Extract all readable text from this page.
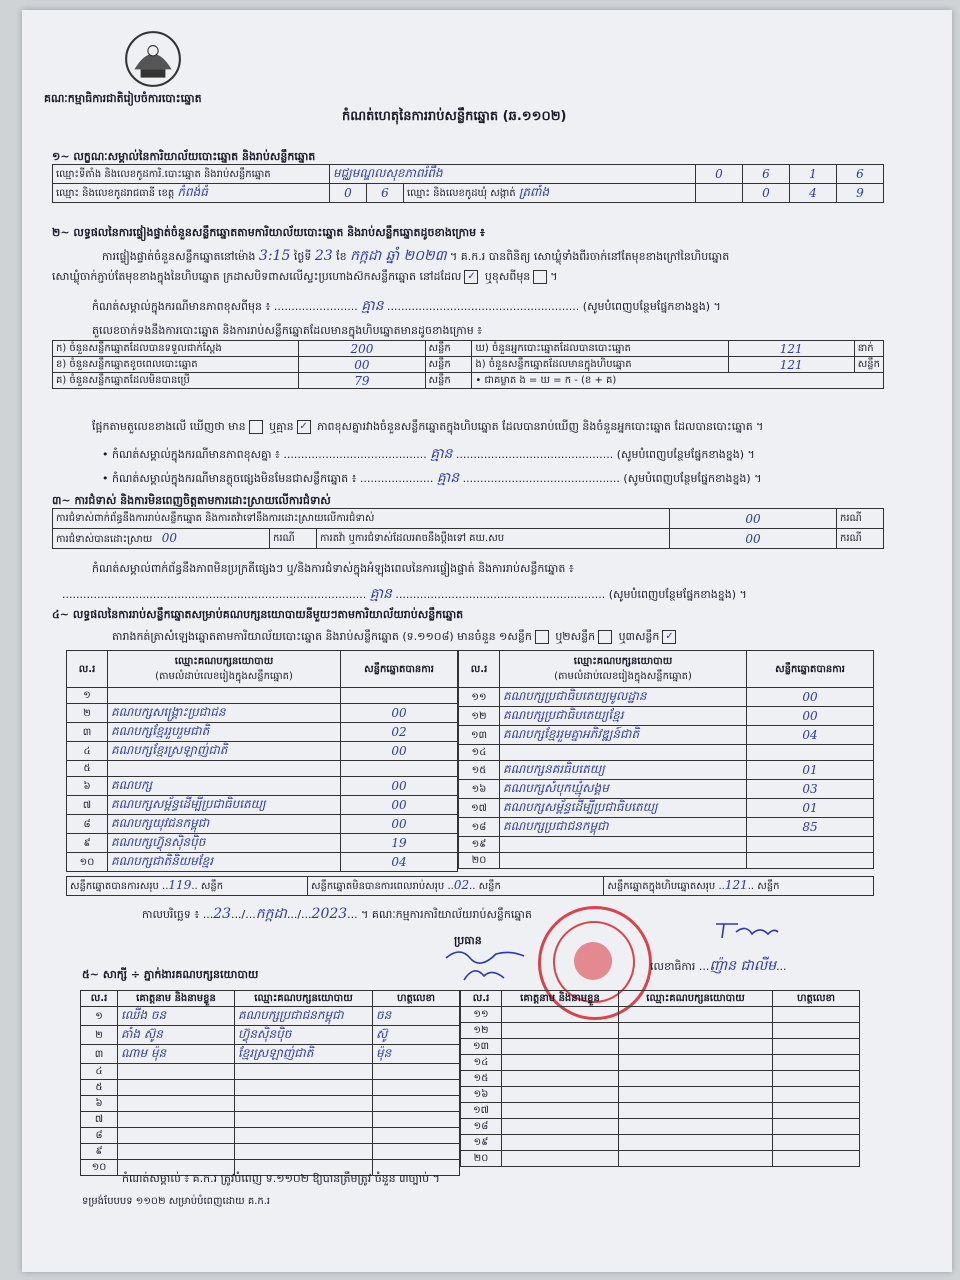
គណៈកម្មាធិការជាតិរៀបចំការបោះឆ្នោត
កំណត់ហេតុនៃការរាប់សន្លឹកឆ្នោត (ឆ.១១០២)
១~ លក្ខណៈសម្គាល់នៃការិយាល័យបោះឆ្នោត និងរាប់សន្លឹកឆ្នោត
ឈ្មោះទីតាំង និងលេខកូដការិ.បោះឆ្នោត និងរាប់សន្លឹកឆ្នោត	មជ្ឈមណ្ឌលសុខភាពរំពឹង			0	6	1	6
ឈ្មោះ និងលេខកូដរាជធានី ខេត្ត កំពង់ធំ	0	6	ឈ្មោះ និងលេខកូដឃុំ សង្កាត់ ត្រពាំង		0	4	9
២~ លទ្ធផលនៃការផ្ទៀងផ្ទាត់ចំនួនសន្លឹកឆ្នោតតាមការិយាល័យបោះឆ្នោត និងរាប់សន្លឹកឆ្នោតដូចខាងក្រោម ៖
ការផ្ទៀងផ្ទាត់ចំនួនសន្លឹកឆ្នោតនៅម៉ោង 3:15 ថ្ងៃទី 23 ខែ កក្កដា ឆ្នាំ ២០២៣ ។ គ.ក.រ បានពិនិត្យ សោឃ្លុំទាំងពីរចាក់នៅតែមុខខាងក្រៅនៃហិបឆ្នោត
សោឃ្លុំចាក់ភ្ជាប់តែមុខខាងក្នុងនៃហិបឆ្នោត ក្រដាសបិទពាសលើស្ទះប្រហោងស៊កសន្លឹកឆ្នោត នៅដដែល ✓ ឬខុសពីមុន ។
កំណត់សម្គាល់ក្នុងករណីមានភាពខុសពីមុន ៖ ........................ គ្មាន ....................................................... (សូមបំពេញបន្ថែមផ្នែកខាងខ្នង) ។
តួលេខចាក់ទងនឹងការបោះឆ្នោត និងការរាប់សន្លឹកឆ្នោតដែលមានក្នុងហិបឆ្នោតមានដូចខាងក្រោម ៖
ក) ចំនួនសន្លឹកឆ្នោតដែលបានទទួលជាក់ស្តែង	200	សន្លឹក	ឃ) ចំនួនអ្នកបោះឆ្នោតដែលបានបោះឆ្នោត	121	នាក់
ខ) ចំនួនសន្លឹកឆ្នោតខូចពេលបោះឆ្នោត	00	សន្លឹក	ង) ចំនួនសន្លឹកឆ្នោតដែលមានក្នុងហិបឆ្នោត	121	សន្លឹក
គ) ចំនួនសន្លឹកឆ្នោតដែលមិនបានប្រើ	79	សន្លឹក	• ជាគម្លាត ង = ឃ = ក - (ខ + គ)		
ផ្អែកតាមតួលេខខាងលើ ឃើញថា មាន ឬគ្មាន ✓ ភាពខុសគ្នារវាងចំនួនសន្លឹកឆ្នោតក្នុងហិបឆ្នោត ដែលបានរាប់ឃើញ និងចំនួនអ្នកបោះឆ្នោត ដែលបានបោះឆ្នោត ។
• កំណត់សម្គាល់ក្នុងករណីមានភាពខុសគ្នា ៖ ......................................... គ្មាន ............................................. (សូមបំពេញបន្ថែមផ្នែកខាងខ្នង) ។
• កំណត់សម្គាល់ក្នុងករណីមានភ្លុចផ្សេងមិនមែនជាសន្លឹកឆ្នោត ៖ ..................... គ្មាន ............................................. (សូមបំពេញបន្ថែមផ្នែកខាងខ្នង) ។
៣~ ការជំទាស់ និងការមិនពេញចិត្តតាមការដោះស្រាយលើការជំទាស់
ការជំទាស់ពាក់ព័ន្ធនឹងការរាប់សន្លឹកឆ្នោត និងការតវ៉ាទៅនឹងការដោះស្រាយលើការជំទាស់			00	ករណី
ការជំទាស់បានដោះស្រាយ 00	ករណី	ការតវ៉ា ឬការជំទាស់ដែលអាចនឹងប្តឹងទៅ គឃ.សប	00	ករណី
កំណត់សម្គាល់ពាក់ព័ន្ធនឹងភាពមិនប្រក្រតីផ្សេងៗ ឬ/និងការជំទាស់ក្នុងអំឡុងពេលនៃការផ្ទៀងផ្ទាត់ និងការរាប់សន្លឹកឆ្នោត ៖
....................................................................................... គ្មាន ............................................................ (សូមបំពេញបន្ថែមផ្នែកខាងខ្នង) ។
៤~ លទ្ធផលនៃការរាប់សន្លឹកឆ្នោតសម្រាប់គណបក្សនយោបាយនីមួយៗតាមការិយាល័យរាប់សន្លឹកឆ្នោត
តារាងកត់ត្រាសំឡេងឆ្នោតតាមការិយាល័យបោះឆ្នោត និងរាប់សន្លឹកឆ្នោត (ទ.១១០៨) មានចំនួន ១សន្លឹក ឬ២សន្លឹក ឬ៣សន្លឹក ✓
ល.រ	ឈ្មោះគណបក្សនយោបាយ
(តាមលំដាប់លេខរៀងក្នុងសន្លឹកឆ្នោត)	សន្លឹកឆ្នោតបានការ
១		
២	គណបក្សសង្គ្រោះប្រជាជន	00
៣	គណបក្សខ្មែររួបរួមជាតិ	02
៤	គណបក្សខ្មែរស្រឡាញ់ជាតិ	00
៥		
៦	គណបក្ស	00
៧	គណបក្សសម្ព័ន្ធដើម្បីប្រជាធិបតេយ្យ	00
៨	គណបក្សយុវជនកម្ពុជា	00
៩	គណបក្សហ៊្វុនស៊ិនប៉ិច	19
១០	គណបក្សជាតិនិយមខ្មែរ	04
ល.រ	ឈ្មោះគណបក្សនយោបាយ
(តាមលំដាប់លេខរៀងក្នុងសន្លឹកឆ្នោត)	សន្លឹកឆ្នោតបានការ
១១	គណបក្សប្រជាធិបតេយ្យមូលដ្ឋាន	00
១២	គណបក្សប្រជាធិបតេយ្យខ្មែរ	00
១៣	គណបក្សខ្មែររួមគ្នាអភិវឌ្ឍន៍ជាតិ	04
១៤		
១៥	គណបក្សនគរធិបតេយ្យ	01
១៦	គណបក្សសំបុកឃ្មុំសង្គម	03
១៧	គណបក្សសម្ព័ន្ធដើម្បីប្រជាធិបតេយ្យ	01
១៨	គណបក្សប្រជាជនកម្ពុជា	85
១៩		
២០		
សន្លឹកឆ្នោតបានការសរុប ..119.. សន្លឹក	សន្លឹកឆ្នោតមិនបានការពេលរាប់សរុប ..02.. សន្លឹក	សន្លឹកឆ្នោតក្នុងហិបឆ្នោតសរុប ..121.. សន្លឹក
កាលបរិច្ឆេទ ៖ ...23.../...កក្កដា.../...2023... ។ គណៈកម្មការការិយាល័យរាប់សន្លឹកឆ្នោត
ប្រធាន
លេខាធិការ ...ញ៉ាន ជាលីម...
៥~ សាក្សី ÷ ភ្នាក់ងារគណបក្សនយោបាយ
ល.រ	គោត្តនាម និងនាមខ្លួន	ឈ្មោះគណបក្សនយោបាយ	ហត្ថលេខា
១	ឈើង ចន	គណបក្សប្រជាជនកម្ពុជា	ចន
២	គាំង ស៊ូន	ហ៊្វុនស៊ិនប៉ិច	ស៊ូ
៣	ណាម ម៉ុន	ខ្មែរស្រឡាញ់ជាតិ	ម៉ុន
៤			
៥			
៦			
៧			
៨			
៩			
១០			
ល.រ	គោត្តនាម និងនាមខ្លួន	ឈ្មោះគណបក្សនយោបាយ	ហត្ថលេខា
១១			
១២			
១៣			
១៤			
១៥			
១៦			
១៧			
១៨			
១៩			
២០			
កំណត់សម្គាល់ ៖ គ.ក.រ ត្រូវបំពេញ ទ.១១០២ ឱ្យបានត្រឹមត្រូវ ចំនួន ៣ច្បាប់ ។
ទម្រង់បែបបទ ១១០២ សម្រាប់បំពេញដោយ គ.ក.រ
